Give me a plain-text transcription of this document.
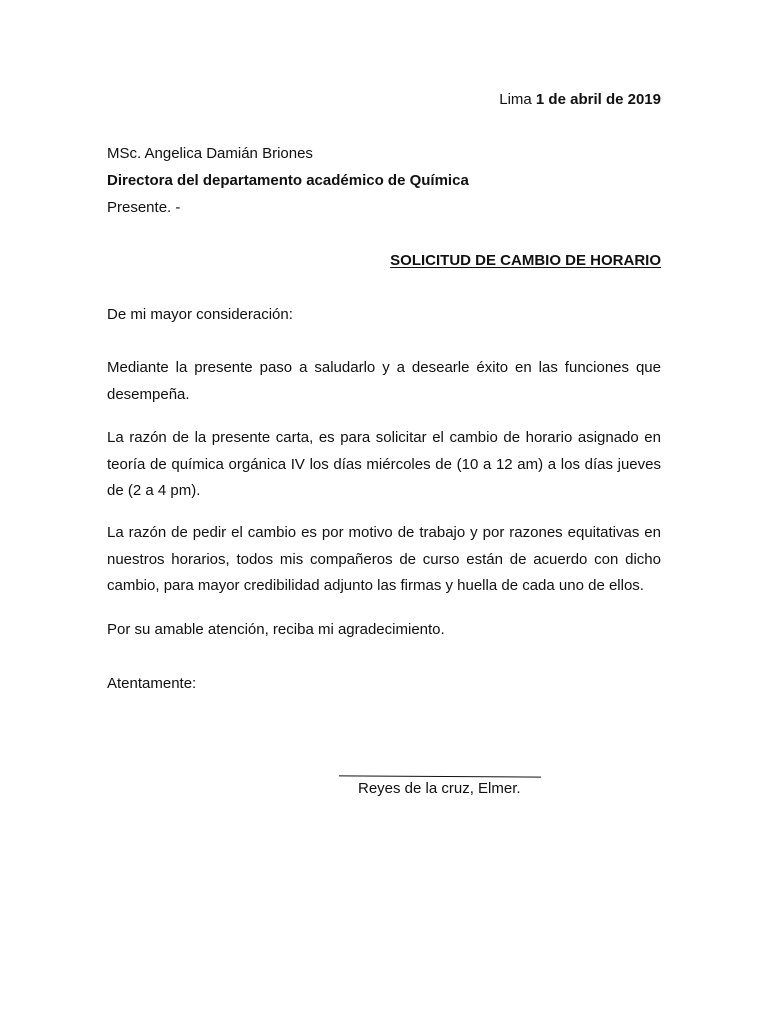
Lima 1 de abril de 2019
MSc. Angelica Damián Briones
Directora del departamento académico de Química
Presente. -
SOLICITUD DE CAMBIO DE HORARIO
De mi mayor consideración:
Mediante la presente paso a saludarlo y a desearle éxito en las funciones que
desempeña.
La razón de la presente carta, es para solicitar el cambio de horario asignado en
teoría de química orgánica IV los días miércoles de (10 a 12 am) a los días jueves
de (2 a 4 pm).
La razón de pedir el cambio es por motivo de trabajo y por razones equitativas en
nuestros horarios, todos mis compañeros de curso están de acuerdo con dicho
cambio, para mayor credibilidad adjunto las firmas y huella de cada uno de ellos.
Por su amable atención, reciba mi agradecimiento.
Atentamente:
Reyes de la cruz, Elmer.
